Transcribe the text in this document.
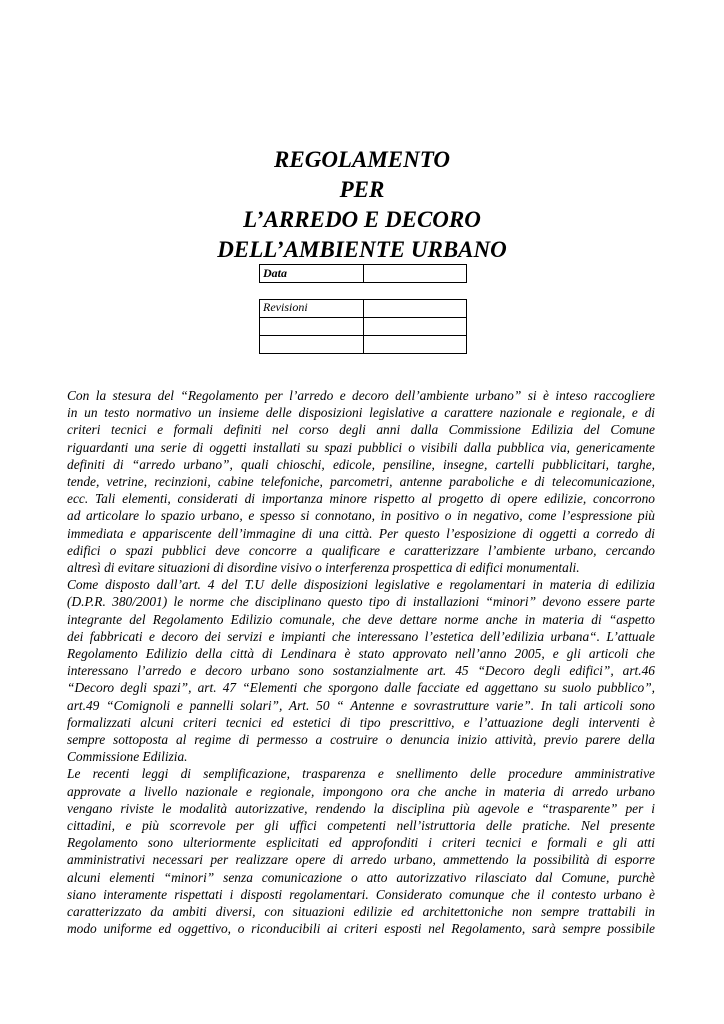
REGOLAMENTO
PER
L’ARREDO E DECORO
DELL’AMBIENTE URBANO
Data	
Revisioni	

Con la stesura del “Regolamento per l’arredo e decoro dell’ambiente urbano” si è inteso raccogliere
in un testo normativo un insieme delle disposizioni legislative a carattere nazionale e regionale, e di
criteri tecnici e formali definiti nel corso degli anni dalla Commissione Edilizia del Comune
riguardanti una serie di oggetti installati su spazi pubblici o visibili dalla pubblica via, genericamente
definiti di “arredo urbano”, quali chioschi, edicole, pensiline, insegne, cartelli pubblicitari, targhe,
tende, vetrine, recinzioni, cabine telefoniche, parcometri, antenne paraboliche e di telecomunicazione,
ecc. Tali elementi, considerati di importanza minore rispetto al progetto di opere edilizie, concorrono
ad articolare lo spazio urbano, e spesso si connotano, in positivo o in negativo, come l’espressione più
immediata e appariscente dell’immagine di una città. Per questo l’esposizione di oggetti a corredo di
edifici o spazi pubblici deve concorre a qualificare e caratterizzare l’ambiente urbano, cercando
altresì di evitare situazioni di disordine visivo o interferenza prospettica di edifici monumentali.
Come disposto dall’art. 4 del T.U delle disposizioni legislative e regolamentari in materia di edilizia
(D.P.R. 380/2001) le norme che disciplinano questo tipo di installazioni “minori” devono essere parte
integrante del Regolamento Edilizio comunale, che deve dettare norme anche in materia di “aspetto
dei fabbricati e decoro dei servizi e impianti che interessano l’estetica dell’edilizia urbana“. L’attuale
Regolamento Edilizio della città di Lendinara è stato approvato nell’anno 2005, e gli articoli che
interessano l’arredo e decoro urbano sono sostanzialmente art. 45 “Decoro degli edifici”, art.46
“Decoro degli spazi”, art. 47 “Elementi che sporgono dalle facciate ed aggettano su suolo pubblico”,
art.49 “Comignoli e pannelli solari”, Art. 50 “ Antenne e sovrastrutture varie”. In tali articoli sono
formalizzati alcuni criteri tecnici ed estetici di tipo prescrittivo, e l’attuazione degli interventi è
sempre sottoposta al regime di permesso a costruire o denuncia inizio attività, previo parere della
Commissione Edilizia.
Le recenti leggi di semplificazione, trasparenza e snellimento delle procedure amministrative
approvate a livello nazionale e regionale, impongono ora che anche in materia di arredo urbano
vengano riviste le modalità autorizzative, rendendo la disciplina più agevole e “trasparente” per i
cittadini, e più scorrevole per gli uffici competenti nell’istruttoria delle pratiche. Nel presente
Regolamento sono ulteriormente esplicitati ed approfonditi i criteri tecnici e formali e gli atti
amministrativi necessari per realizzare opere di arredo urbano, ammettendo la possibilità di esporre
alcuni elementi “minori” senza comunicazione o atto autorizzativo rilasciato dal Comune, purchè
siano interamente rispettati i disposti regolamentari. Considerato comunque che il contesto urbano è
caratterizzato da ambiti diversi, con situazioni edilizie ed architettoniche non sempre trattabili in
modo uniforme ed oggettivo, o riconducibili ai criteri esposti nel Regolamento, sarà sempre possibile
